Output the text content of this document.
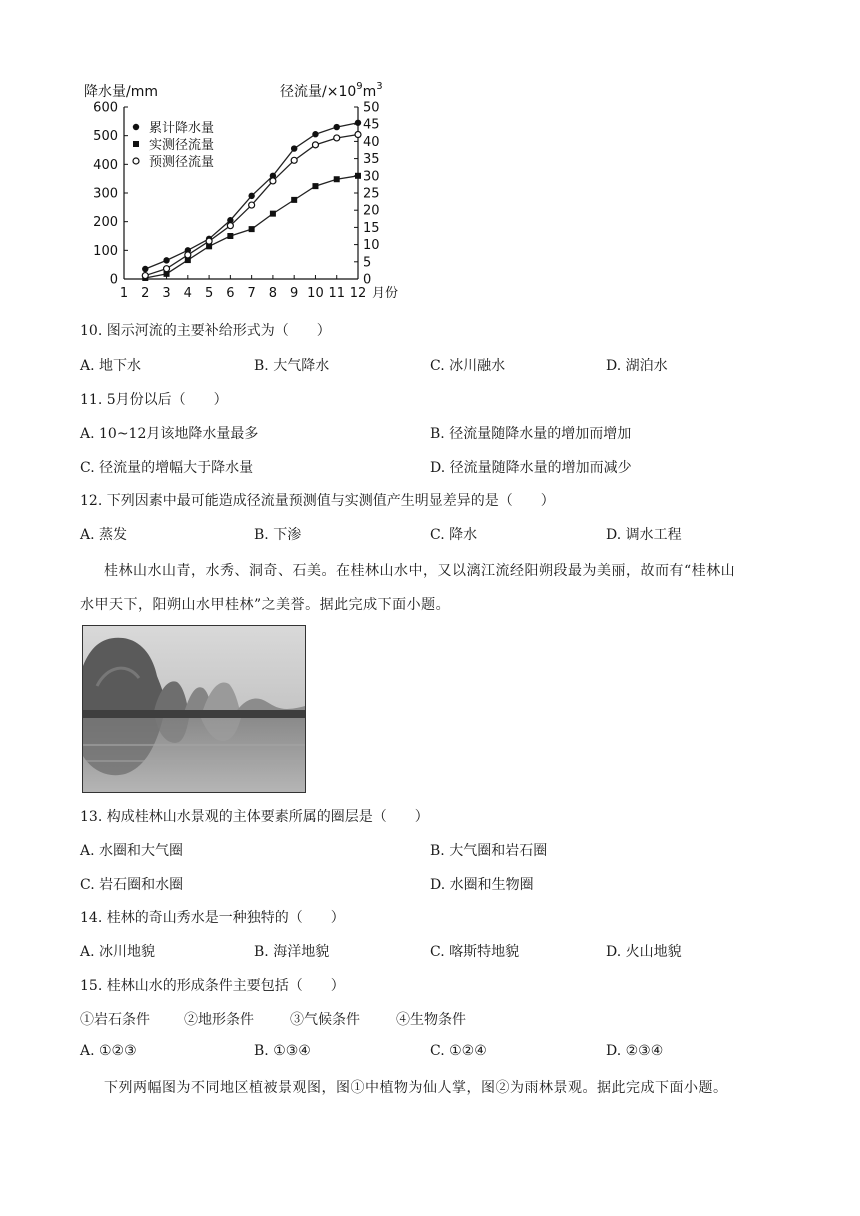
降水量/mm	径流量$/\times 10^9m^3$
0
100
200
300
400
500
600
0
5
10
15
20
25
30
35
40
45
50
1 2 3 4 5 6 7 8 9 10 11 12 月份
累计降水量
实测径流量
预测径流量
10. 图示河流的主要补给形式为（　　）
A. 地下水	B. 大气降水	C. 冰川融水	D. 湖泊水
11. 5月份以后（　　）
A. 10~12月该地降水量最多	B. 径流量随降水量的增加而增加
C. 径流量的增幅大于降水量	D. 径流量随降水量的增加而减少
12. 下列因素中最可能造成径流量预测值与实测值产生明显差异的是（　　）
A. 蒸发	B. 下渗	C. 降水	D. 调水工程
桂林山水山青，水秀、洞奇、石美。在桂林山水中，又以漓江流经阳朔段最为美丽，故而有“桂林山
水甲天下，阳朔山水甲桂林”之美誉。据此完成下面小题。
13. 构成桂林山水景观的主体要素所属的圈层是（　　）
A. 水圈和大气圈	B. 大气圈和岩石圈
C. 岩石圈和水圈	D. 水圈和生物圈
14. 桂林的奇山秀水是一种独特的（　　）
A. 冰川地貌	B. 海洋地貌	C. 喀斯特地貌	D. 火山地貌
15. 桂林山水的形成条件主要包括（　　）
①岩石条件 ②地形条件	③气候条件	④生物条件
A. ①②③	B. ①③④	C. ①②④	D. ②③④
下列两幅图为不同地区植被景观图，图①中植物为仙人掌，图②为雨林景观。据此完成下面小题。
